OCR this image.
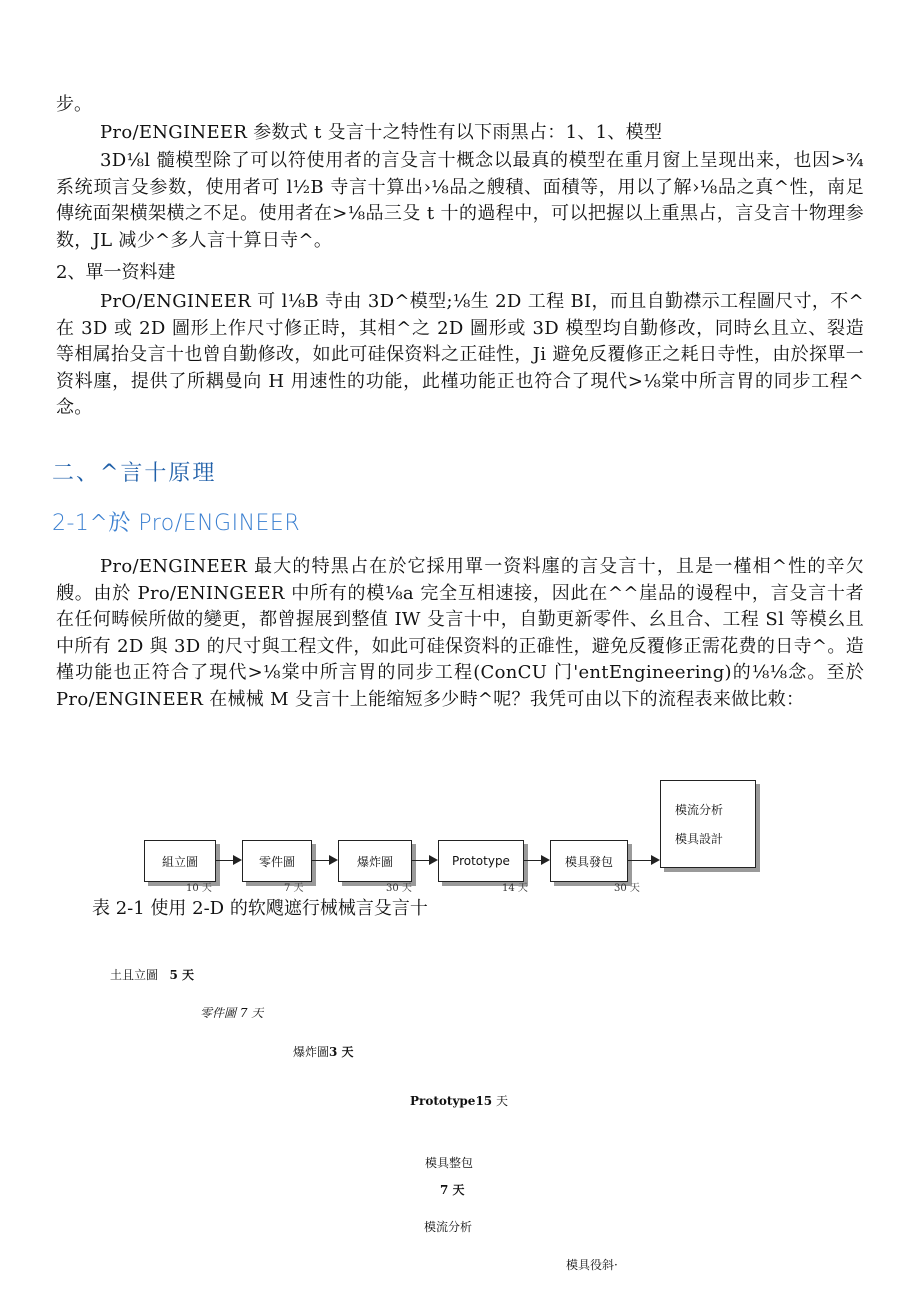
步。
Pro/ENGINEER 参数式 t 殳言十之特性有以下雨黒占：1、1、模型
3D⅛l 髓模型除了可以符使用者的言殳言十概念以最真的模型在重月窗上呈现出来，也因>¾系统顼言殳参数，使用者可 l½B 寺言十算出›⅛品之艘積、面積等，用以了解›⅛品之真^性，南足傳统面架横架横之不足。使用者在>⅛品三殳 t 十的過程中，可以把握以上重黒占，言殳言十物理参数，JL 减少^多人言十算日寺^。
2、單一资料建
PrO/ENGINEER 可 l⅛B 寺由 3D^模型;⅛生 2D 工程 BI，而且自勤襟示工程圖尺寸，不^在 3D 或 2D 圖形上作尺寸修正時，其相^之 2D 圖形或 3D 模型均自勤修改，同時幺且立、裂造等相属抬殳言十也曾自勤修改，如此可硅保资料之正硅性，Ji 避免反覆修正之耗日寺性，由於探單一资料廛，提供了所耦曼向 H 用速性的功能，此槿功能正也符合了現代>⅛棠中所言胃的同步工程^念。
二、^言十原理
2-1^於 Pro/ENGINEER
Pro/ENGINEER 最大的特黒占在於它採用單一资料廛的言殳言十，且是一槿相^性的辛欠艘。由於 Pro/ENINGEER 中所有的模⅛a 完全互相速接，因此在^^崖品的谩程中，言殳言十者在任何畴候所做的變更，都曾握展到整值 IW 殳言十中，自勤更新零件、幺且合、工程 Sl 等模幺且中所有 2D 與 3D 的尺寸與工程文件，如此可硅保资料的正碓性，避免反覆修正需花费的日寺^。造槿功能也正符合了現代>⅛棠中所言胃的同步工程(ConCU 门'entEngineering)的⅛⅛念。至於 Pro/ENGINEER 在械械 M 殳言十上能缩短多少畤^呢？我凭可由以下的流程表来做比敕：
組立圖	零件圖	爆炸圖	Prototype	模具發包
模流分析
模具設計
10 天	7 天	30 天	14 天	30 天
表 2-1 使用 2-D 的软飕遮行械械言殳言十
土且立圖 5 天
零件圖 7 天
爆炸圖3 天
Prototype15 天
模具整包
7 天
模流分析
模具役斜·
